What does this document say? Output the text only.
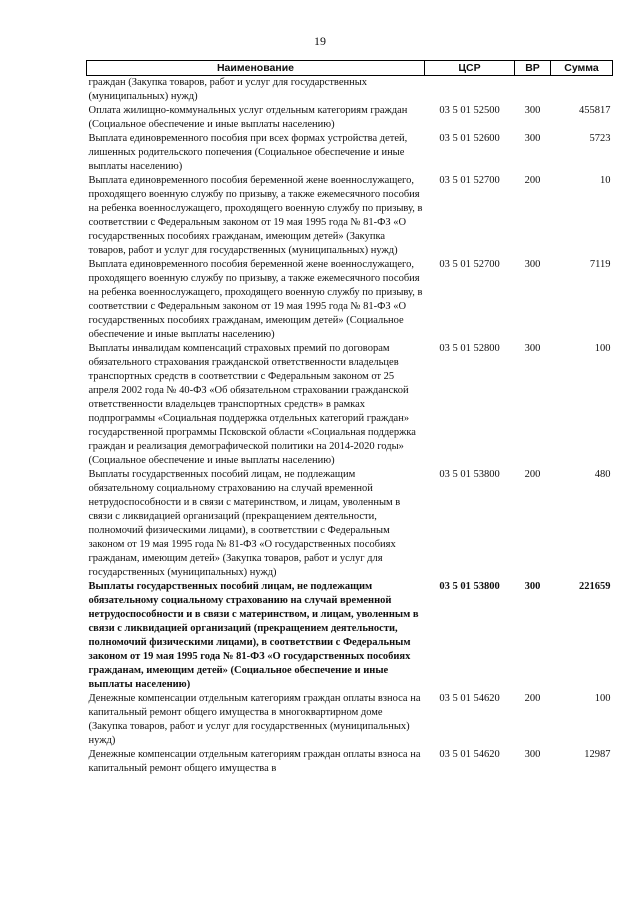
19
Наименование	ЦСР	ВР	Сумма
граждан (Закупка товаров, работ и услуг для государственных (муниципальных) нужд)			
Оплата жилищно-коммунальных услуг отдельным категориям граждан (Социальное обеспечение и иные выплаты населению)	03 5 01 52500	300	455817
Выплата единовременного пособия при всех формах устройства детей, лишенных родительского попечения (Социальное обеспечение и иные выплаты населению)	03 5 01 52600	300	5723
Выплата единовременного пособия беременной жене военнослужащего, проходящего военную службу по призыву, а также ежемесячного пособия на ребенка военнослужащего, проходящего военную службу по призыву, в соответствии с Федеральным законом от 19 мая 1995 года № 81-ФЗ «О государственных пособиях гражданам, имеющим детей» (Закупка товаров, работ и услуг для государственных (муниципальных) нужд)	03 5 01 52700	200	10
Выплата единовременного пособия беременной жене военнослужащего, проходящего военную службу по призыву, а также ежемесячного пособия на ребенка военнослужащего, проходящего военную службу по призыву, в соответствии с Федеральным законом от 19 мая 1995 года № 81-ФЗ «О государственных пособиях гражданам, имеющим детей» (Социальное обеспечение и иные выплаты населению)	03 5 01 52700	300	7119
Выплаты инвалидам компенсаций страховых премий по договорам обязательного страхования гражданской ответственности владельцев транспортных средств в соответствии с Федеральным законом от 25 апреля 2002 года № 40-ФЗ «Об обязательном страховании гражданской ответственности владельцев транспортных средств» в рамках подпрограммы «Социальная поддержка отдельных категорий граждан» государственной программы Псковской области «Социальная поддержка граждан и реализация демографической политики на 2014-2020 годы» (Социальное обеспечение и иные выплаты населению)	03 5 01 52800	300	100
Выплаты государственных пособий лицам, не подлежащим обязательному социальному страхованию на случай временной нетрудоспособности и в связи с материнством, и лицам, уволенным в связи с ликвидацией организаций (прекращением деятельности, полномочий физическими лицами), в соответствии с Федеральным законом от 19 мая 1995 года № 81-ФЗ «О государственных пособиях гражданам, имеющим детей» (Закупка товаров, работ и услуг для государственных (муниципальных) нужд)	03 5 01 53800	200	480
Выплаты государственных пособий лицам, не подлежащим обязательному социальному страхованию на случай временной нетрудоспособности и в связи с материнством, и лицам, уволенным в связи с ликвидацией организаций (прекращением деятельности, полномочий физическими лицами), в соответствии с Федеральным законом от 19 мая 1995 года № 81-ФЗ «О государственных пособиях гражданам, имеющим детей» (Социальное обеспечение и иные выплаты населению)	03 5 01 53800	300	221659
Денежные компенсации отдельным категориям граждан оплаты взноса на капитальный ремонт общего имущества в многоквартирном доме (Закупка товаров, работ и услуг для государственных (муниципальных) нужд)	03 5 01 54620	200	100
Денежные компенсации отдельным категориям граждан оплаты взноса на капитальный ремонт общего имущества в	03 5 01 54620	300	12987
